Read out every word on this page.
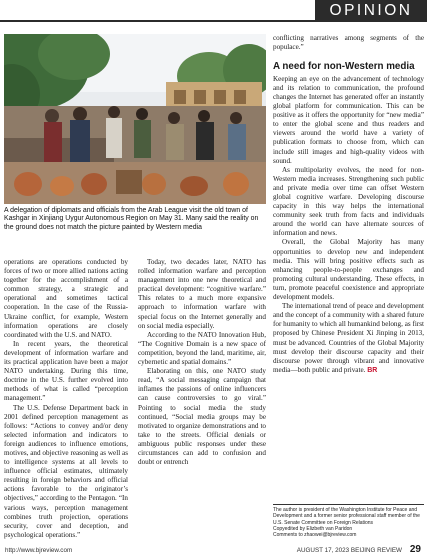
OPINION
A delegation of diplomats and officials from the Arab League visit the old town of Kashgar in Xinjiang Uygur Autonomous Region on May 31. Many said the reality on the ground does not match the picture painted by Western media

operations are operations conducted by forces of two or more allied nations acting together for the accomplishment of a common strategy, a strategic and operational and sometimes tactical cooperation. In the case of the Russia-Ukraine conflict, for example, Western information operations are closely coordinated with the U.S. and NATO.

In recent years, the theoretical development of information warfare and its practical application have been a major NATO undertaking. During this time, doctrine in the U.S. further evolved into methods of what is called “perception management.”

The U.S. Defense Department back in 2001 defined perception management as follows: “Actions to convey and/or deny selected information and indicators to foreign audiences to influence emotions, motives, and objective reasoning as well as to intelligence systems at all levels to influence official estimates, ultimately resulting in foreign behaviors and official actions favorable to the originator’s objectives,” according to the Pentagon. “In various ways, perception management combines truth projection, operations security, cover and deception, and psychological operations.”

Today, two decades later, NATO has rolled information warfare and perception management into one new theoretical and practical development: “cognitive warfare.” This relates to a much more expansive approach to information warfare with special focus on the Internet generally and on social media especially.

According to the NATO Innovation Hub, “The Cognitive Domain is a new space of competition, beyond the land, maritime, air, cybernetic and spatial domains.”

Elaborating on this, one NATO study read, “A social messaging campaign that inflames the passions of online influencers can cause controversies to go viral.” Pointing to social media the study continued, “Social media groups may be motivated to organize demonstrations and to take to the streets. Official denials or ambiguous public responses under these circumstances can add to confusion and doubt or entrench

conflicting narratives among segments of the populace.”

A need for non-Western media

Keeping an eye on the advancement of technology and its relation to communication, the profound changes the Internet has generated offer an instantly global platform for communication. This can be positive as it offers the opportunity for “new media” to enter the global scene and thus readers and viewers around the world have a variety of publication formats to choose from, which can include still images and high-quality videos with sound.

As multipolarity evolves, the need for non-Western media increases. Strengthening such public and private media over time can offset Western global cognitive warfare. Developing discourse capacity in this way helps the international community seek truth from facts and individuals around the world can have alternate sources of information and news.

Overall, the Global Majority has many opportunities to develop new and independent media. This will bring positive effects such as enhancing people-to-people exchanges and promoting cultural understanding. These effects, in turn, promote peaceful coexistence and appropriate development models.

The international trend of peace and development and the concept of a community with a shared future for humanity to which all humankind belong, as first proposed by Chinese President Xi Jinping in 2013, must be advanced. Countries of the Global Majority must develop their discourse capacity and their discourse power through vibrant and innovative media—both public and private. BR

The author is president of the Washington Institute for Peace and
Development and a former senior professional staff member of the
U.S. Senate Committee on Foreign Relations
Copyedited by Elizbeth van Paridon
Comments to zhaowei@bjreview.com
http://www.bjreview.com	AUGUST 17, 2023 BEIJING REVIEW 29
